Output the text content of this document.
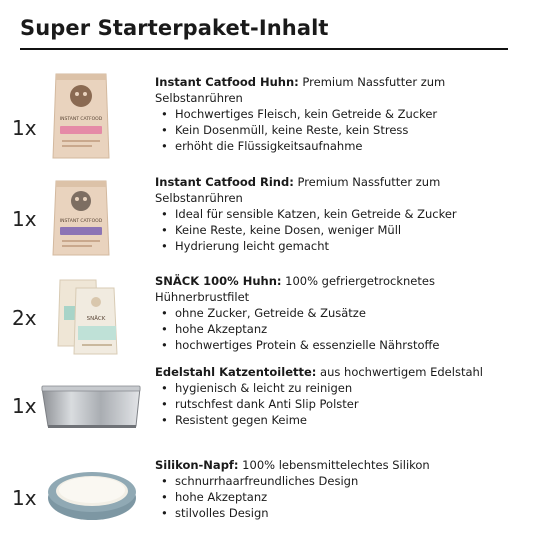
Super Starterpaket-Inhalt
1x	INSTANT CATFOOD
Instant Catfood Huhn: Premium Nassfutter zum Selbstanrühren
• Hochwertiges Fleisch, kein Getreide & Zucker
• Kein Dosenmüll, keine Reste, kein Stress
• erhöht die Flüssigkeitsaufnahme
1x	INSTANT CATFOOD
Instant Catfood Rind: Premium Nassfutter zum Selbstanrühren
• Ideal für sensible Katzen, kein Getreide & Zucker
• Keine Reste, keine Dosen, weniger Müll
• Hydrierung leicht gemacht
2x	SNÄCK
SNÄCK 100% Huhn: 100% gefriergetrocknetes Hühnerbrustfilet
• ohne Zucker, Getreide & Zusätze
• hohe Akzeptanz
• hochwertiges Protein & essenzielle Nährstoffe
1x
Edelstahl Katzentoilette: aus hochwertigem Edelstahl
• hygienisch & leicht zu reinigen
• rutschfest dank Anti Slip Polster
• Resistent gegen Keime
1x
Silikon-Napf: 100% lebensmittelechtes Silikon
• schnurrhaarfreundliches Design
• hohe Akzeptanz
• stilvolles Design
